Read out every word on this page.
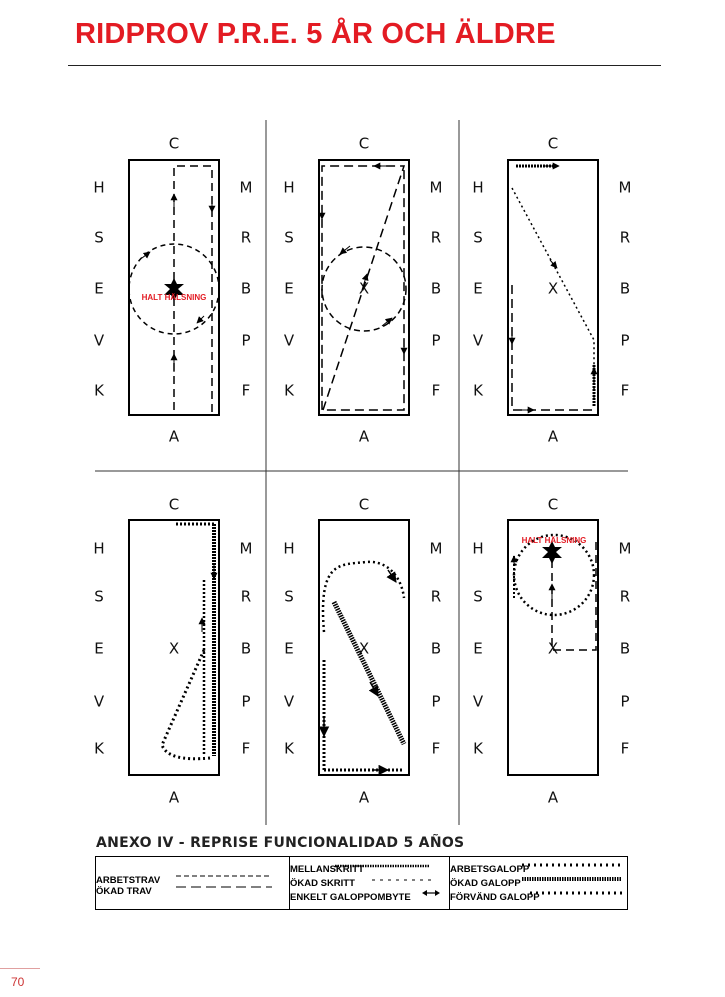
RIDPROV P.R.E. 5 ÅR OCH ÄLDRE
C
A
H
S
E
V
K
M
R
B
P
F
C
A
H
S
E
V
K
M
R
B
P
F
X
C
A
H
S
E
V
K
M
R
B
P
F
X
C
A
H
S
E
V
K
M
R
B
P
F
X
C
A
H
S
E
V
K
M
R
B
P
F
X
C
A
H
S
E
V
K
M
R
B
P
F
X
HALT HÄLSNING
HALT HÄLSNING
ANEXO IV - REPRISE FUNCIONALIDAD 5 AÑOS
ARBETSTRAV
ÖKAD TRAV
MELLANSKRITT
ÖKAD SKRITT
ENKELT GALOPPOMBYTE
ARBETSGALOPP
ÖKAD GALOPP
FÖRVÄND GALOPP
70
